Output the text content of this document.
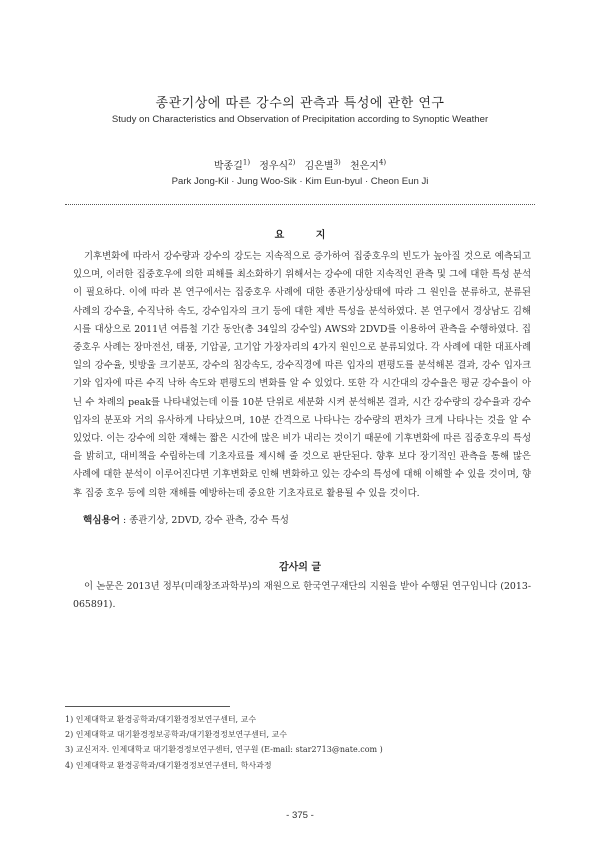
종관기상에 따른 강수의 관측과 특성에 관한 연구
Study on Characteristics and Observation of Precipitation according to Synoptic Weather
박종길$^{1)}$ 정우식$^{2)}$ 김은별$^{3)}$ 천은지$^{4)}$
Park Jong-Kil · Jung Woo-Sik · Kim Eun-byul · Cheon Eun Ji
요 지
기후변화에 따라서 강수량과 강수의 강도는 지속적으로 증가하여 집중호우의 빈도가 높아질 것으로 예측되고 있으며, 이러한 집중호우에 의한 피해를 최소화하기 위해서는 강수에 대한 지속적인 관측 및 그에 대한 특성 분석이 필요하다. 이에 따라 본 연구에서는 집중호우 사례에 대한 종관기상상태에 따라 그 원인을 분류하고, 분류된 사례의 강수율, 수직낙하 속도, 강수입자의 크기 등에 대한 제반 특성을 분석하였다. 본 연구에서 경상남도 김해시를 대상으로 2011년 여름철 기간 동안(총 34일의 강수일) AWS와 2DVD를 이용하여 관측을 수행하였다. 집중호우 사례는 장마전선, 태풍, 기압골, 고기압 가장자리의 4가지 원인으로 분류되었다. 각 사례에 대한 대표사례일의 강수율, 빗방울 크기분포, 강수의 침강속도, 강수직경에 따른 입자의 편평도를 분석해본 결과, 강수 입자크기와 입자에 따른 수직 낙하 속도와 편평도의 변화를 알 수 있었다. 또한 각 시간대의 강수율은 평균 강수율이 아닌 수 차례의 peak를 나타내었는데 이를 10분 단위로 세분화 시켜 분석해본 결과, 시간 강수량의 강수율과 강수입자의 분포와 거의 유사하게 나타났으며, 10분 간격으로 나타나는 강수량의 편차가 크게 나타나는 것을 알 수 있었다. 이는 강수에 의한 재해는 짧은 시간에 많은 비가 내리는 것이기 때문에 기후변화에 따른 집중호우의 특성을 밝히고, 대비책을 수립하는데 기초자료를 제시해 줄 것으로 판단된다. 향후 보다 장기적인 관측을 통해 많은 사례에 대한 분석이 이루어진다면 기후변화로 인해 변화하고 있는 강수의 특성에 대해 이해할 수 있을 것이며, 향후 집중 호우 등에 의한 재해를 예방하는데 중요한 기초자료로 활용될 수 있을 것이다.
핵심용어 : 종관기상, 2DVD, 강수 관측, 강수 특성
감사의 글
이 논문은 2013년 정부(미래창조과학부)의 재원으로 한국연구재단의 지원을 받아 수행된 연구임니다 (2013-065891).
1) 인제대학교 환경공학과/대기환경정보연구센터, 교수
2) 인제대학교 대기환경정보공학과/대기환경정보연구센터, 교수
3) 교신저자. 인제대학교 대기환경정보연구센터, 연구원 (E-mail: star2713@nate.com )
4) 인제대학교 환경공학과/대기환경정보연구센터, 학사과정
- 375 -
